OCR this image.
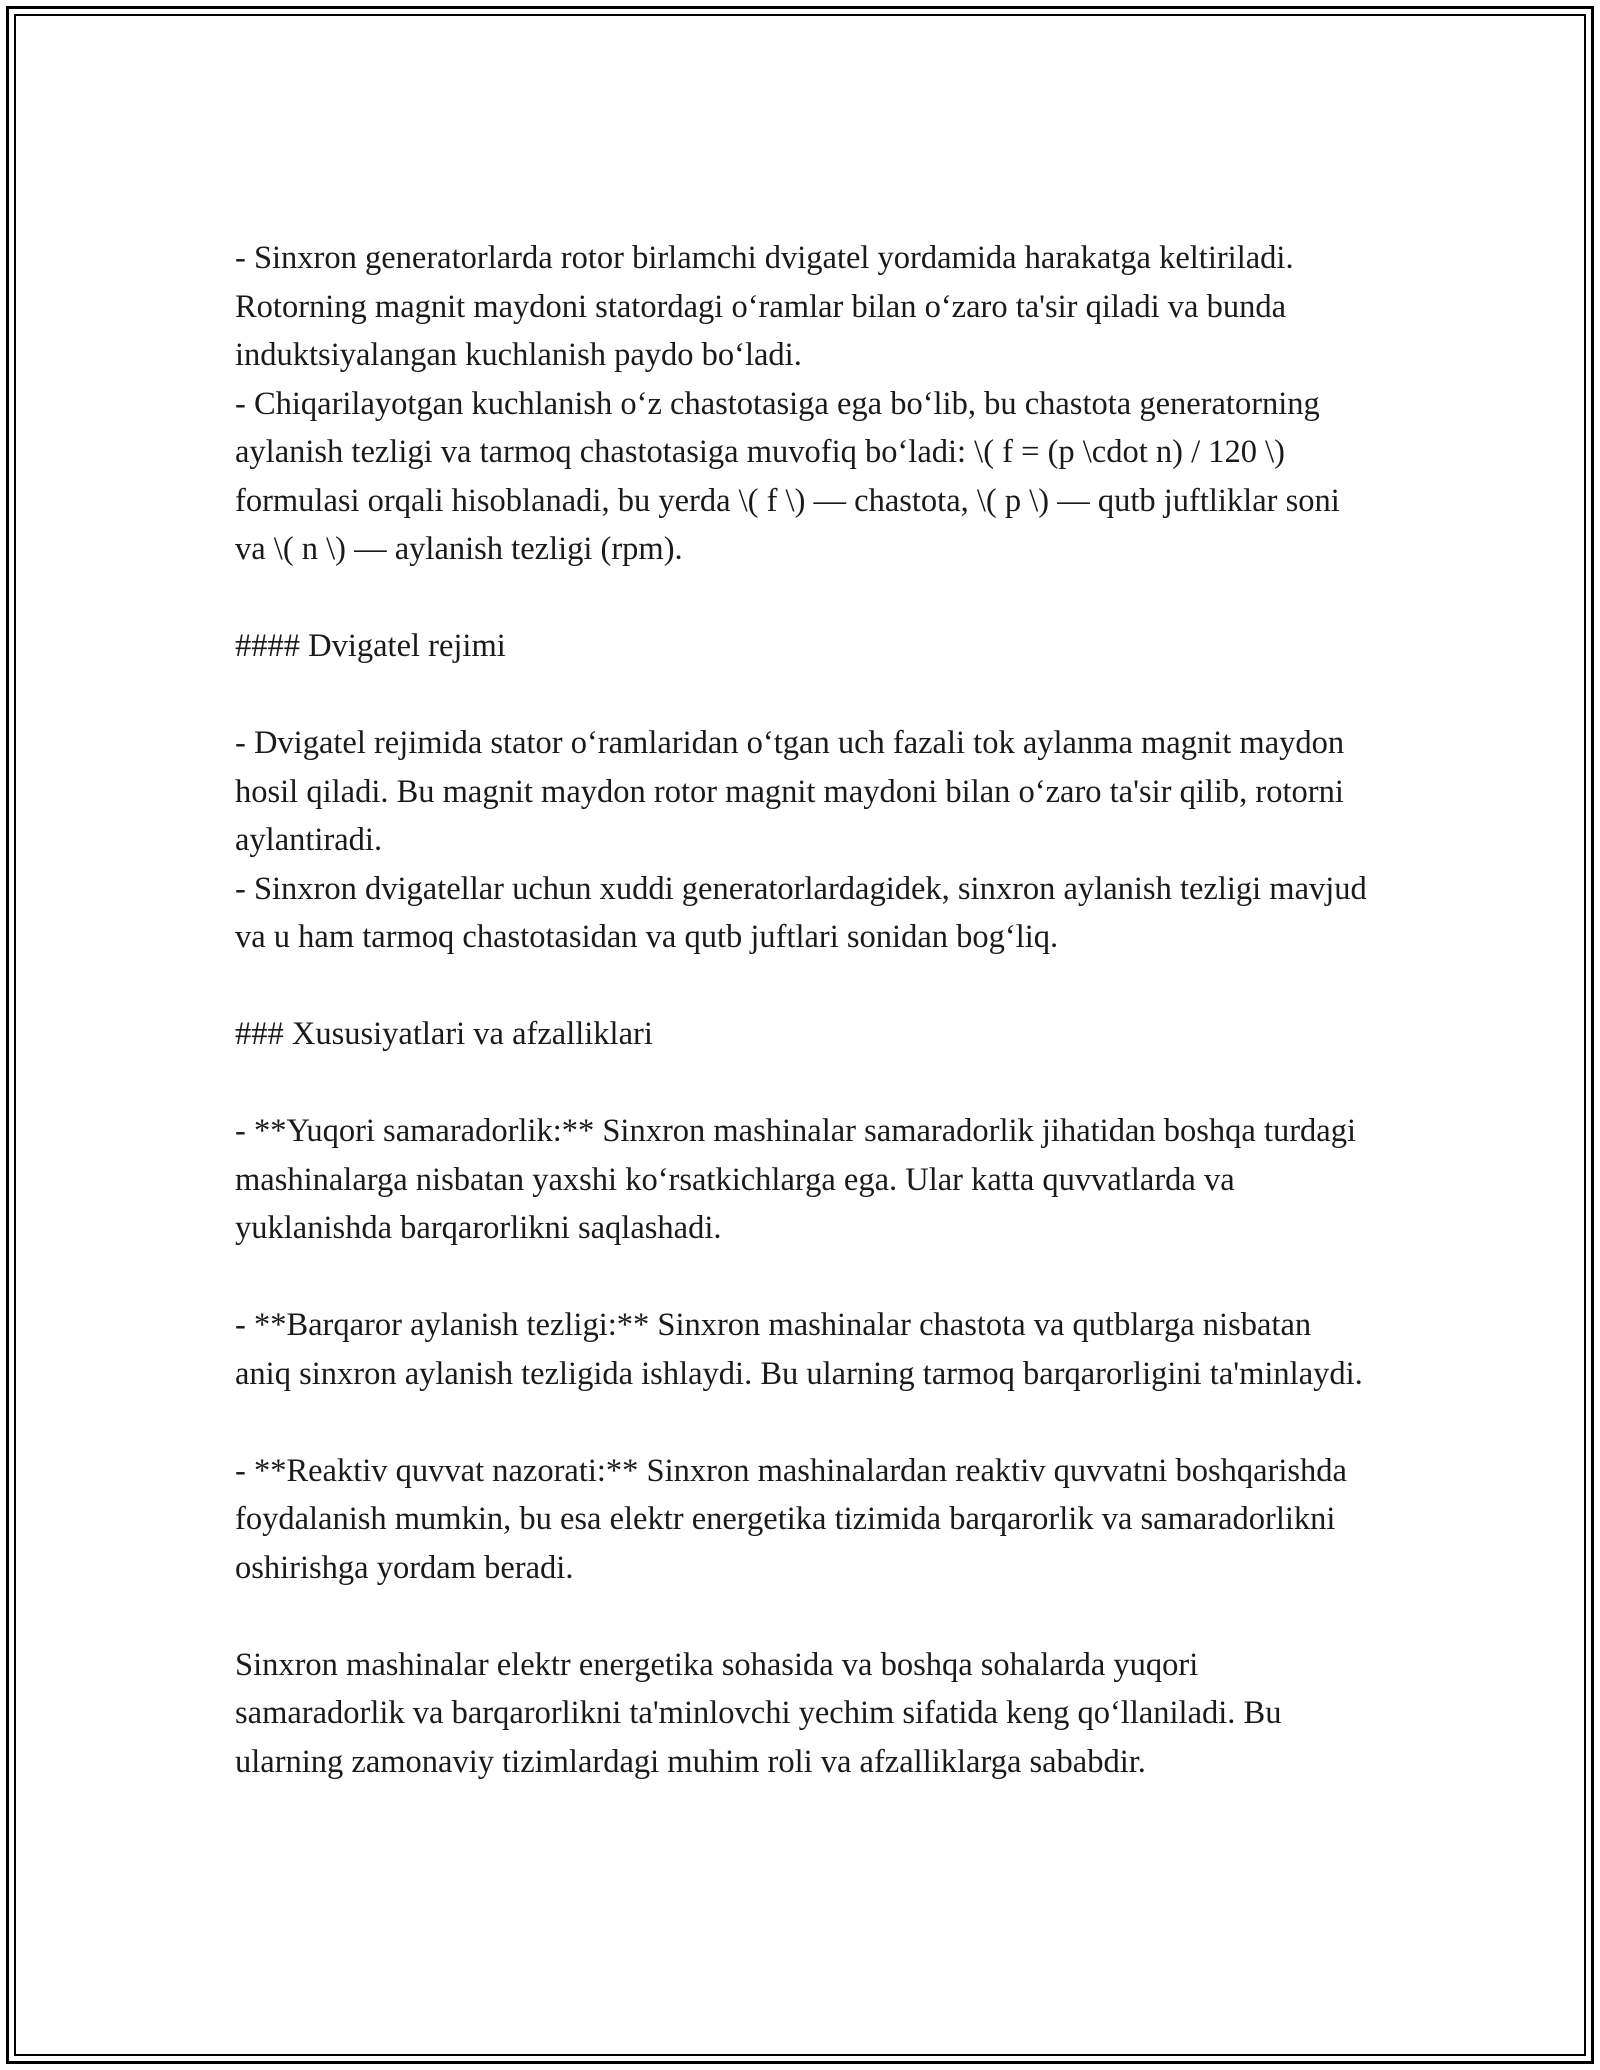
- Sinxron generatorlarda rotor birlamchi dvigatel yordamida harakatga keltiriladi. Rotorning magnit maydoni statordagi o‘ramlar bilan o‘zaro ta'sir qiladi va bunda induktsiyalangan kuchlanish paydo bo‘ladi.

- Chiqarilayotgan kuchlanish o‘z chastotasiga ega bo‘lib, bu chastota generatorning aylanish tezligi va tarmoq chastotasiga muvofiq bo‘ladi: \( f = (p \cdot n) / 120 \) formulasi orqali hisoblanadi, bu yerda \( f \) — chastota, \( p \) — qutb juftliklar soni va \( n \) — aylanish tezligi (rpm).

#### Dvigatel rejimi

- Dvigatel rejimida stator o‘ramlaridan o‘tgan uch fazali tok aylanma magnit maydon hosil qiladi. Bu magnit maydon rotor magnit maydoni bilan o‘zaro ta'sir qilib, rotorni aylantiradi.

- Sinxron dvigatellar uchun xuddi generatorlardagidek, sinxron aylanish tezligi mavjud va u ham tarmoq chastotasidan va qutb juftlari sonidan bog‘liq.

### Xususiyatlari va afzalliklari

- **Yuqori samaradorlik:** Sinxron mashinalar samaradorlik jihatidan boshqa turdagi mashinalarga nisbatan yaxshi ko‘rsatkichlarga ega. Ular katta quvvatlarda va yuklanishda barqarorlikni saqlashadi.

- **Barqaror aylanish tezligi:** Sinxron mashinalar chastota va qutblarga nisbatan aniq sinxron aylanish tezligida ishlaydi. Bu ularning tarmoq barqarorligini ta'minlaydi.

- **Reaktiv quvvat nazorati:** Sinxron mashinalardan reaktiv quvvatni boshqarishda foydalanish mumkin, bu esa elektr energetika tizimida barqarorlik va samaradorlikni oshirishga yordam beradi.

Sinxron mashinalar elektr energetika sohasida va boshqa sohalarda yuqori samaradorlik va barqarorlikni ta'minlovchi yechim sifatida keng qo‘llaniladi. Bu ularning zamonaviy tizimlardagi muhim roli va afzalliklarga sababdir.
